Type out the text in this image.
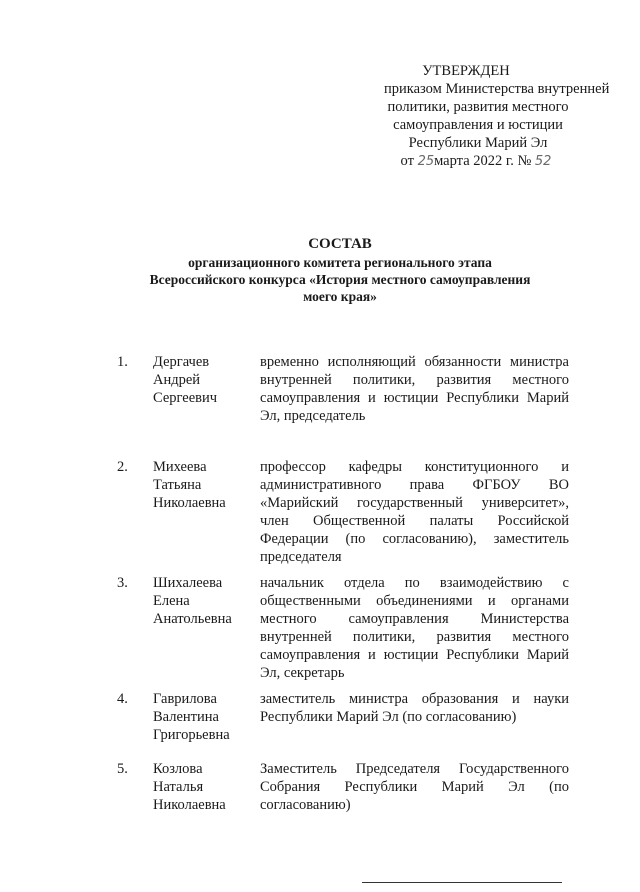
УТВЕРЖДЕН
приказом Министерства внутренней
политики, развития местного
самоуправления и юстиции
Республики Марий Эл
от 25марта 2022 г. № 52
СОСТАВ
организационного комитета регионального этапа
Всероссийского конкурса «История местного самоуправления
моего края»
1.	Дергачев
Андрей
Сергеевич
временно исполняющий обязанности министра внутренней политики, развития местного самоуправления и юстиции Республики Марий Эл, председатель
2.	Михеева
Татьяна
Николаевна
профессор кафедры конституционного и административного права ФГБОУ ВО «Марийский государственный университет», член Общественной палаты Российской Федерации (по согласованию), заместитель председателя
3.	Шихалеева
Елена
Анатольевна
начальник отдела по взаимодействию с общественными объединениями и органами местного самоуправления Министерства внутренней политики, развития местного самоуправления и юстиции Республики Марий Эл, секретарь
4.	Гаврилова
Валентина
Григорьевна
заместитель министра образования и науки Республики Марий Эл (по согласованию)
5.	Козлова
Наталья
Николаевна
Заместитель Председателя Государственного Собрания Республики Марий Эл (по согласованию)
